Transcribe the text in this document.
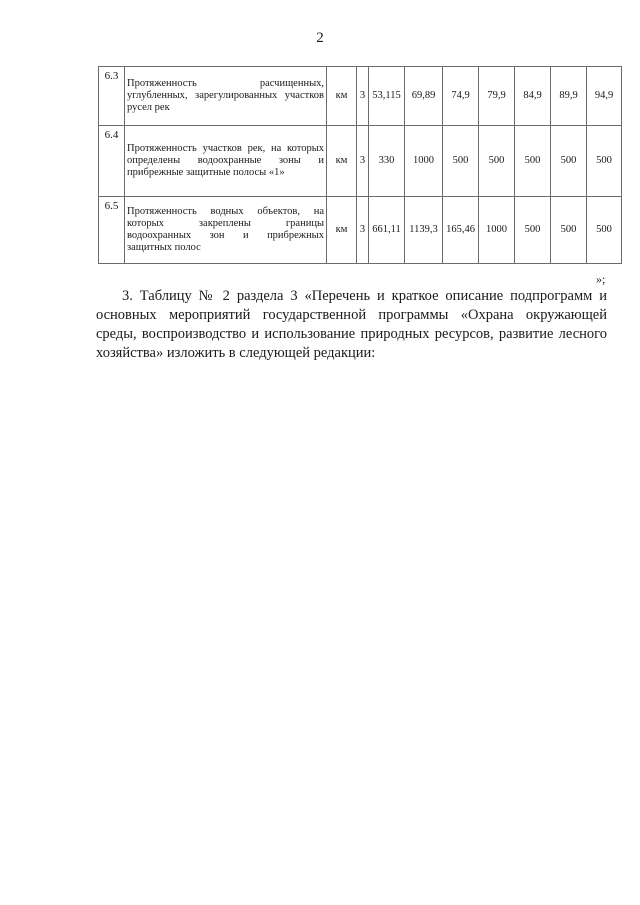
2
6.3	Протяженность расчищенных, углубленных, зарегулированных участков русел рек	км	3	53,115	69,89	74,9	79,9	84,9	89,9	94,9
6.4	Протяженность участков рек, на которых определены водоохранные зоны и прибрежные защитные полосы «1»	км	3	330	1000	500	500	500	500	500
6.5	Протяженность водных объектов, на которых закреплены границы водоохранных зон и прибрежных защитных полос	км	3	661,11	1139,3	165,46	1000	500	500	500
»;

3. Таблицу № 2 раздела 3 «Перечень и краткое описание подпрограмм и основных мероприятий государственной программы «Охрана окружающей среды, воспроизводство и использование природных ресурсов, развитие лесного хозяйства» изложить в следующей редакции:
